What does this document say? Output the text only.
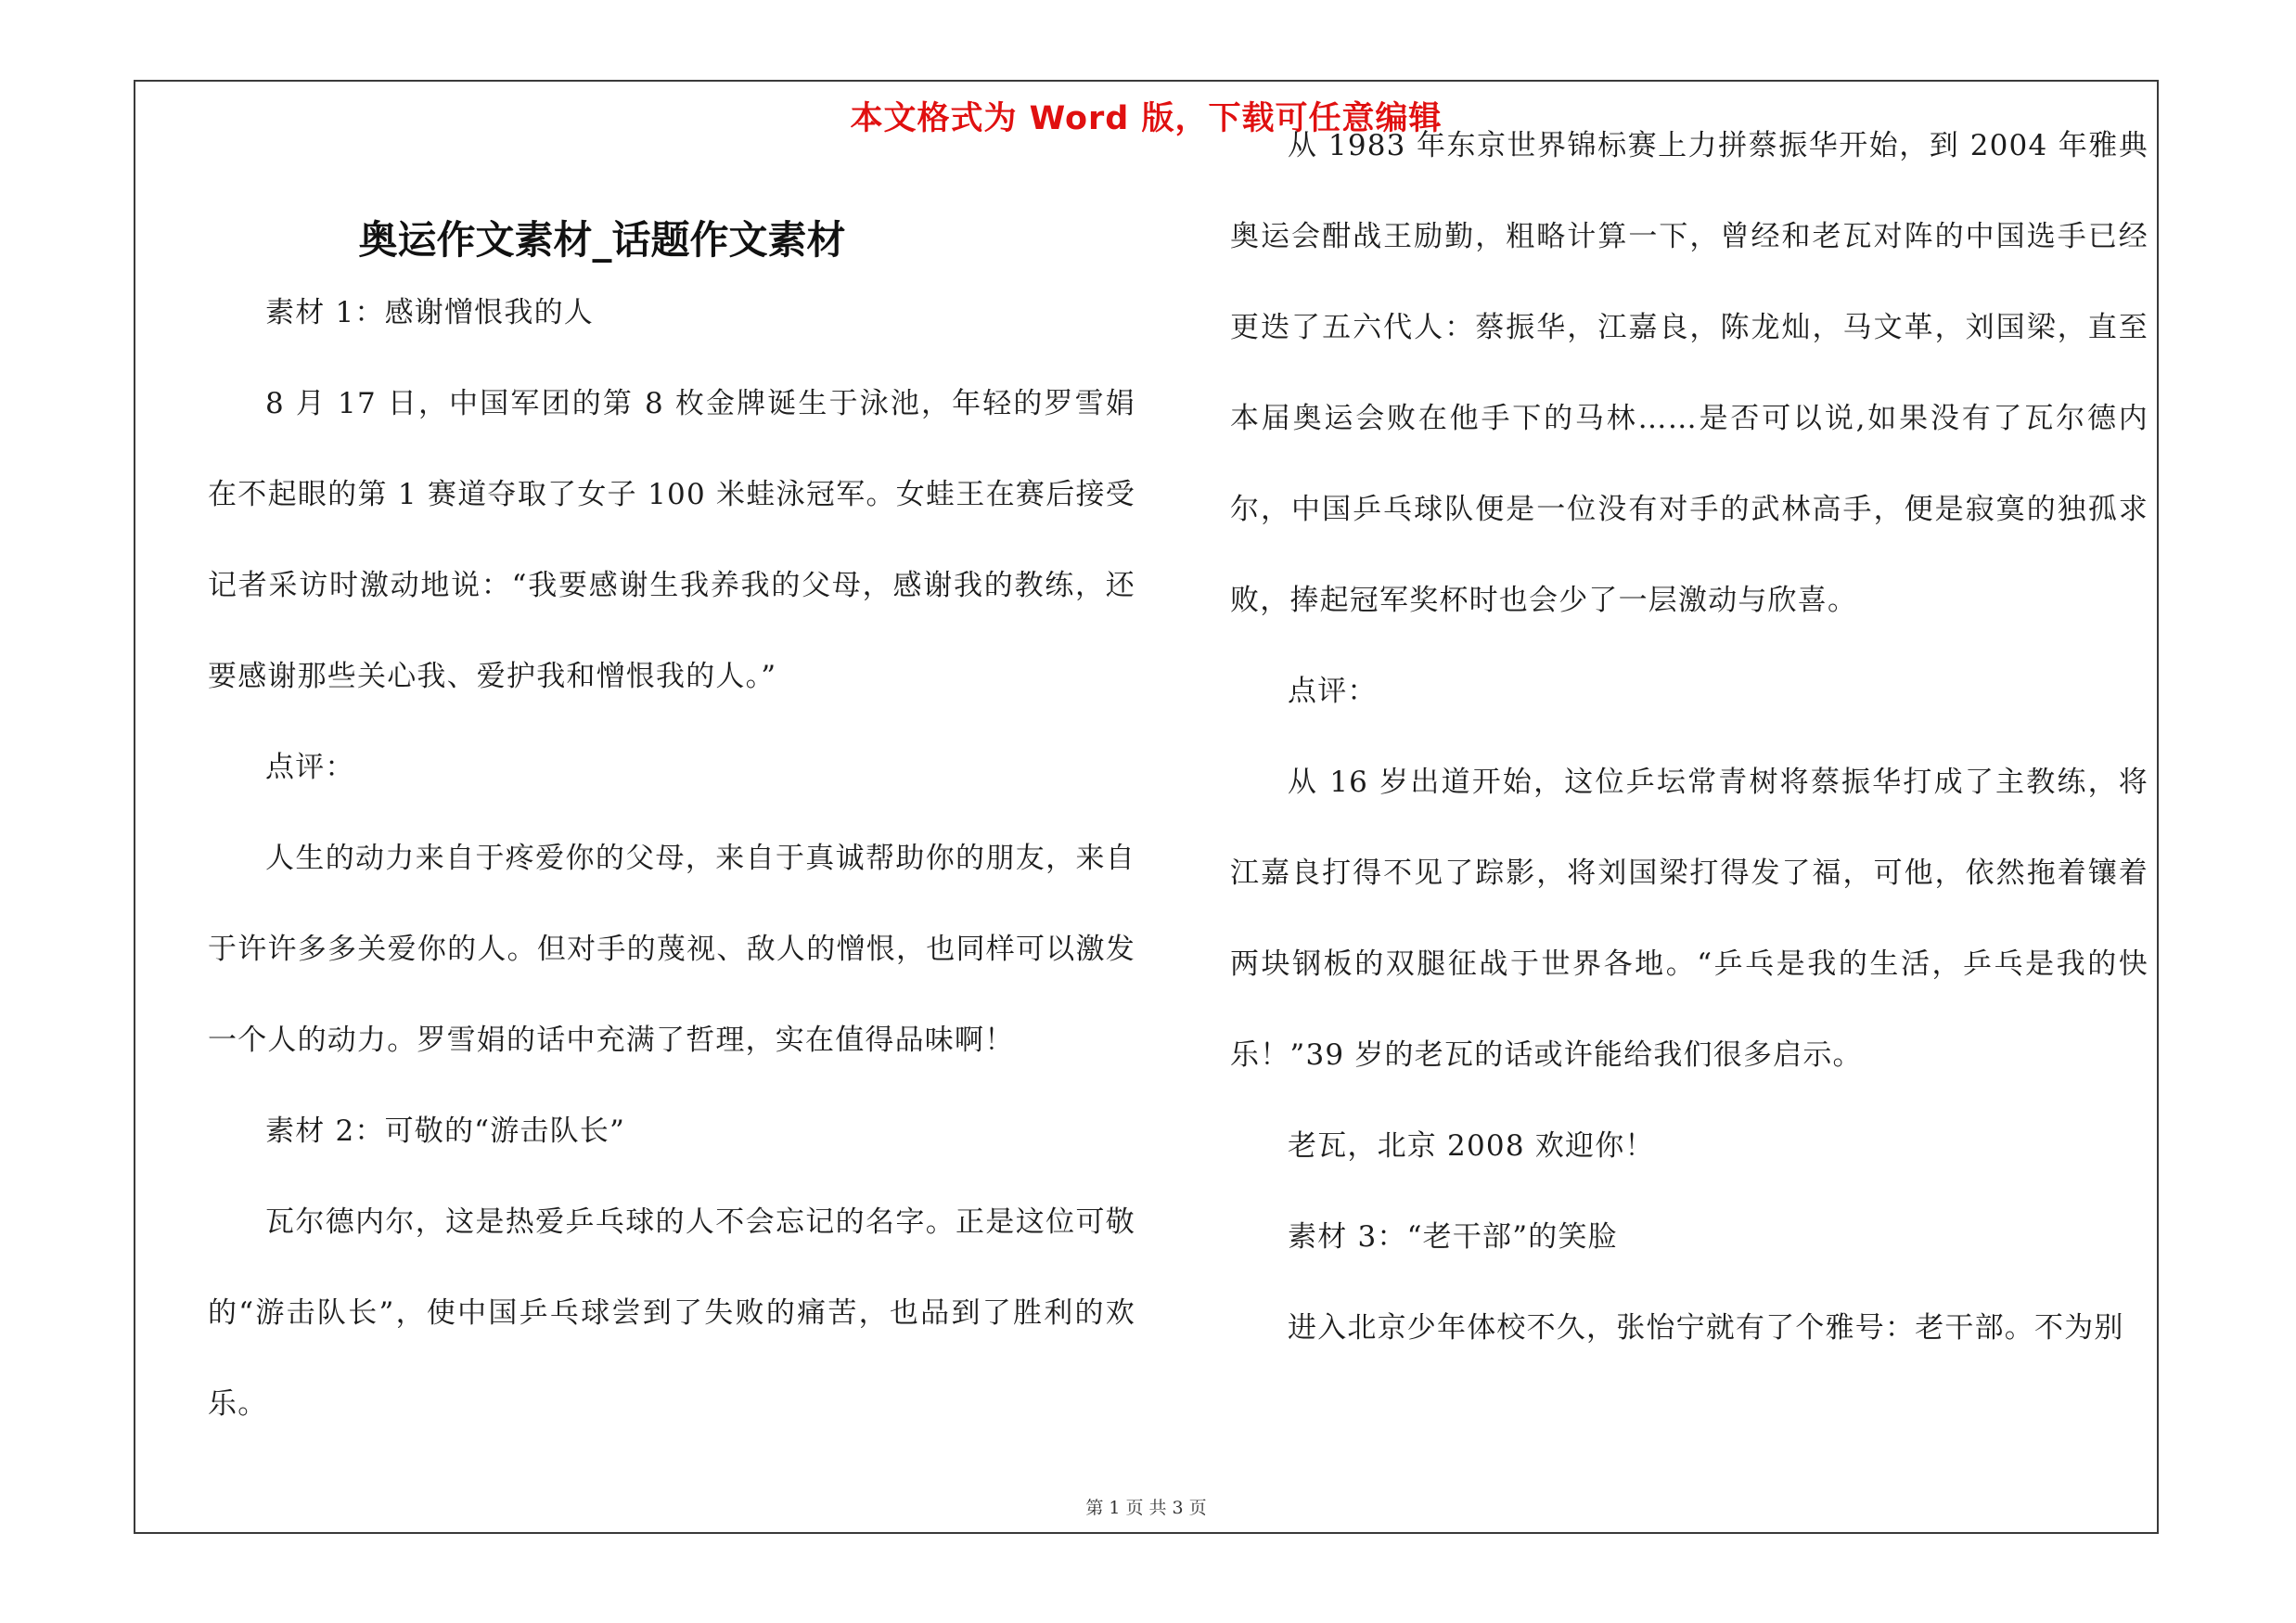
本文格式为 Word 版，下载可任意编辑
奥运作文素材_话题作文素材

素材 1：感谢憎恨我的人

8 月 17 日，中国军团的第 8 枚金牌诞生于泳池，年轻的罗雪娟在不起眼的第 1 赛道夺取了女子 100 米蛙泳冠军。女蛙王在赛后接受记者采访时激动地说：“我要感谢生我养我的父母，感谢我的教练，还要感谢那些关心我、爱护我和憎恨我的人。”

点评：

人生的动力来自于疼爱你的父母，来自于真诚帮助你的朋友，来自于许许多多关爱你的人。但对手的蔑视、敌人的憎恨，也同样可以激发一个人的动力。罗雪娟的话中充满了哲理，实在值得品味啊！

素材 2：可敬的“游击队长”

瓦尔德内尔，这是热爱乒乓球的人不会忘记的名字。正是这位可敬的“游击队长”，使中国乒乓球尝到了失败的痛苦，也品到了胜利的欢乐。

从 1983 年东京世界锦标赛上力拼蔡振华开始，到 2004 年雅典奥运会酣战王励勤，粗略计算一下，曾经和老瓦对阵的中国选手已经更迭了五六代人：蔡振华，江嘉良，陈龙灿，马文革，刘国梁，直至本届奥运会败在他手下的马林……是否可以说,如果没有了瓦尔德内尔，中国乒乓球队便是一位没有对手的武林高手，便是寂寞的独孤求败，捧起冠军奖杯时也会少了一层激动与欣喜。

点评：

从 16 岁出道开始，这位乒坛常青树将蔡振华打成了主教练，将江嘉良打得不见了踪影，将刘国梁打得发了福，可他，依然拖着镶着两块钢板的双腿征战于世界各地。“乒乓是我的生活，乒乓是我的快乐！”39 岁的老瓦的话或许能给我们很多启示。

老瓦，北京 2008 欢迎你！

素材 3：“老干部”的笑脸

进入北京少年体校不久，张怡宁就有了个雅号：老干部。不为别

第 1 页 共 3 页
